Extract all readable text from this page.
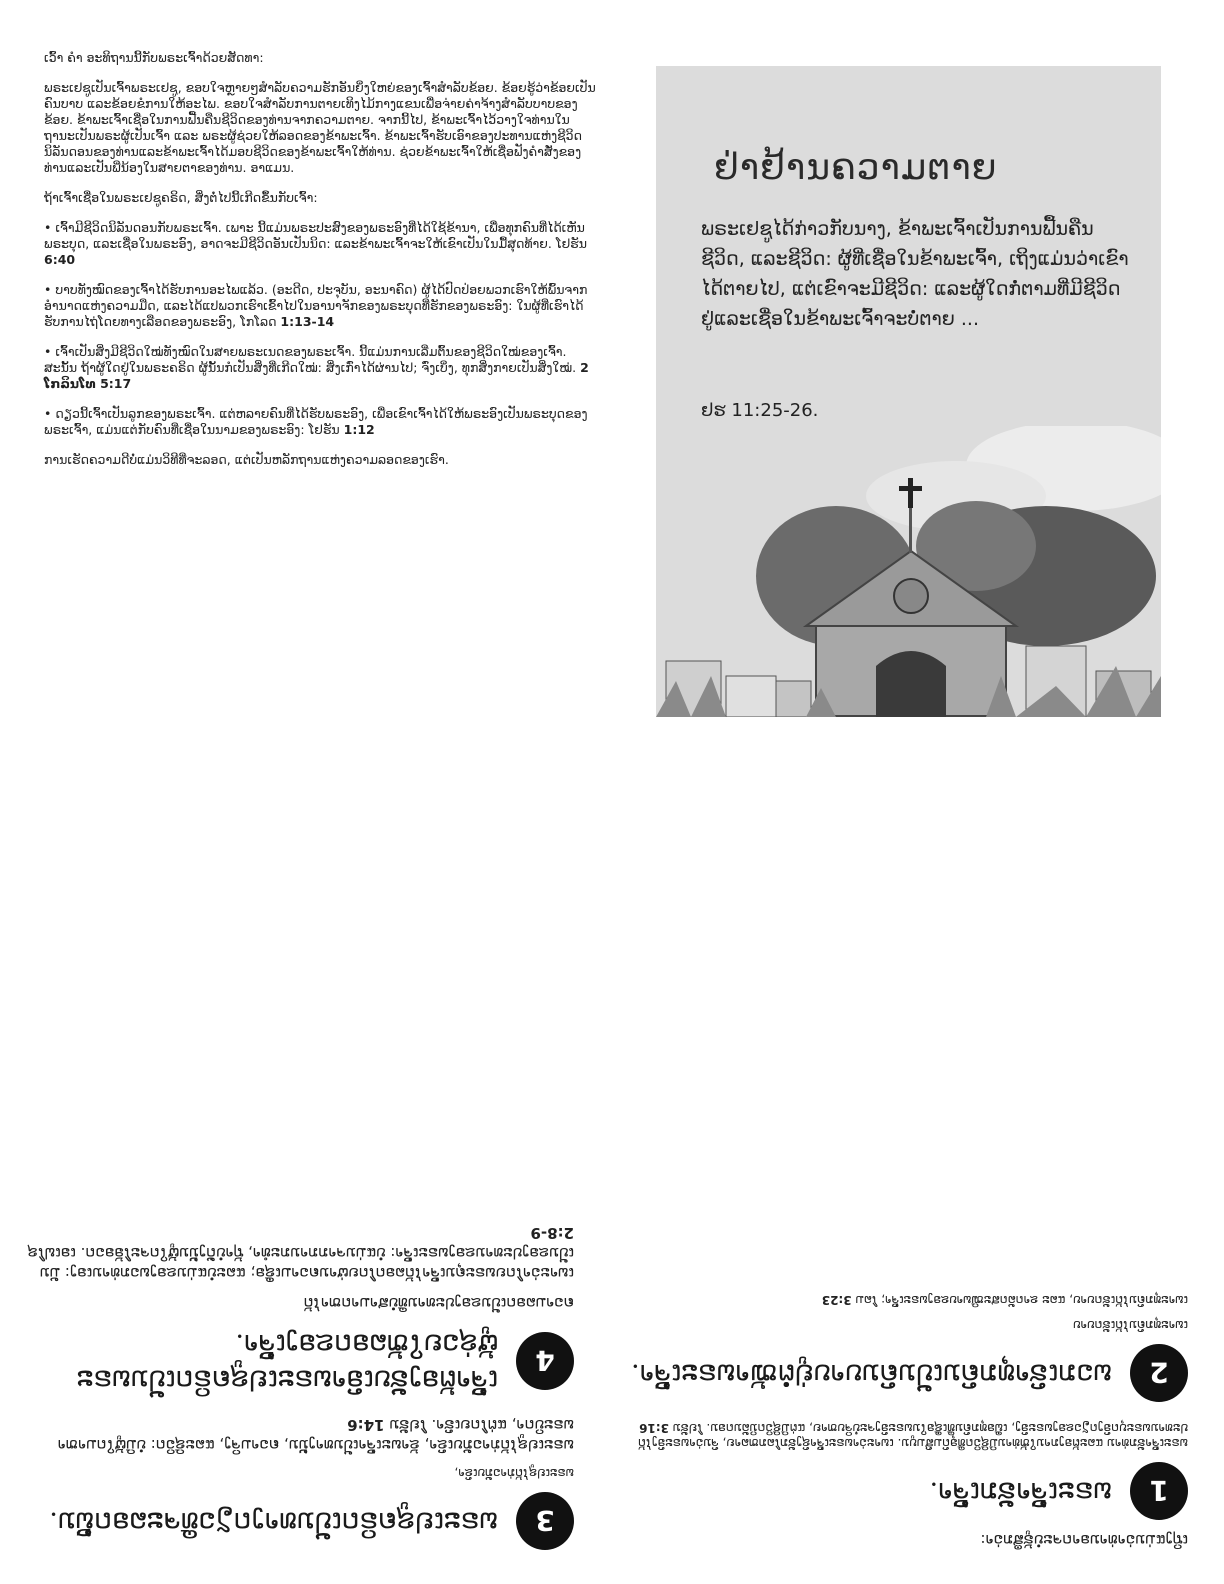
ເວົ້າ ຄຳ ອະທິຖານນີ້ກັບພຣະເຈົ້າດ້ວຍສັດທາ:

ພຣະເຢຊູເປັນເຈົ້າພຣະເຢຊູ, ຂອບໃຈຫຼາຍໆສຳລັບຄວາມຮັກອັນຍິ່ງໃຫຍ່ຂອງເຈົ້າສຳລັບຂ້ອຍ. ຂ້ອຍຮູ້ວ່າຂ້ອຍເປັນຄົນບາບ ແລະຂ້ອຍຂໍການໃຫ້ອະໄພ. ຂອບໃຈສຳລັບການຕາຍເທິງໄມ້ກາງແຂນເພື່ອຈ່າຍຄ່າຈ້າງສຳລັບບາບຂອງຂ້ອຍ. ຂ້າພະເຈົ້າເຊື່ອໃນການຟື້ນຄືນຊີວິດຂອງທ່ານຈາກຄວາມຕາຍ. ຈາກນີ້ໄປ, ຂ້າພະເຈົ້າໄວ້ວາງໃຈທ່ານໃນຖານະເປັນພຣະຜູ້ເປັນເຈົ້າ ແລະ ພຣະຜູ້ຊ່ວຍໃຫ້ລອດຂອງຂ້າພະເຈົ້າ. ຂ້າພະເຈົ້າຮັບເອົາຂອງປະທານແຫ່ງຊີວິດນິລັນດອນຂອງທ່ານແລະຂ້າພະເຈົ້າໄດ້ມອບຊີວິດຂອງຂ້າພະເຈົ້າໃຫ້ທ່ານ. ຊ່ວຍຂ້າພະເຈົ້າໃຫ້ເຊື່ອຟັງຄຳສັ່ງຂອງທ່ານແລະເປັນພີ່ນ້ອງໃນສາຍຕາຂອງທ່ານ. ອາແມນ.

ຖ້າເຈົ້າເຊື່ອໃນພຣະເຢຊູຄຣິດ, ສິ່ງຕໍ່ໄປນີ້ເກີດຂຶ້ນກັບເຈົ້າ:

• ເຈົ້າມີຊີວິດນິລັນດອນກັບພຣະເຈົ້າ. ເພາະ ນີ້ແມ່ນພຣະປະສົງຂອງພຣະອົງທີ່ໄດ້ໃຊ້ຂ້ານາ, ເພື່ອທຸກຄົນທີ່ໄດ້ເຫັນພຣະບຸດ, ແລະເຊື່ອໃນພຣະອົງ, ອາດຈະມີຊີວິດອັນເປັນນິດ: ແລະຂ້າພະເຈົ້າຈະໃຫ້ເຂົາເປັນໃນມື້ສຸດທ້າຍ. ໂຢຮັນ 6:40
• ບາບທັງໝົດຂອງເຈົ້າໄດ້ຮັບການອະໄພແລ້ວ. (ອະດີດ, ປະຈຸບັນ, ອະນາຄົດ) ຜູ້ໄດ້ປົດປ່ອຍພວກເຮົາໃຫ້ພົ້ນຈາກອຳນາດແຫ່ງຄວາມມືດ, ແລະໄດ້ແປພວກເຮົາເຂົ້າໄປໃນອານາຈັກຂອງພຣະບຸດທີ່ຮັກຂອງພຣະອົງ: ໃນຜູ້ທີ່ເຮົາໄດ້ຮັບການໄຖ່ໂດຍທາງເລືອດຂອງພຣະອົງ, ໂກໂລດ 1:13-14
• ເຈົ້າເປັນສິ່ງມີຊີວິດໃໝ່ທັງໝົດໃນສາຍພຣະເນດຂອງພຣະເຈົ້າ. ນີ້ແມ່ນການເລີ່ມຕົ້ນຂອງຊີວິດໃໝ່ຂອງເຈົ້າ. ສະນັ້ນ ຖ້າຜູ້ໃດຢູ່ໃນພຣະຄຣິດ ຜູ້ນັ້ນກໍເປັນສິ່ງທີ່ເກີດໃໝ່: ສິ່ງເກົ່າໄດ້ຜ່ານໄປ; ຈົ່ງເບິ່ງ, ທຸກສິ່ງກາຍເປັນສິ່ງໃໝ່. 2 ໂກລິນໂທ 5:17
• ດຽວນີ້ເຈົ້າເປັນລູກຂອງພຣະເຈົ້າ. ແຕ່ຫລາຍຄົນທີ່ໄດ້ຮັບພຣະອົງ, ເພື່ອເຂົາເຈົ້າໄດ້ໃຫ້ພຣະອົງເປັນພຣະບຸດຂອງພຣະເຈົ້າ, ແມ່ນແຕ່ກັບຄົນທີ່ເຊື່ອໃນນາມຂອງພຣະອົງ: ໂຢຮັນ 1:12

ການເຮັດຄວາມດີບໍ່ແມ່ນວິທີທີ່ຈະລອດ, ແຕ່ເປັນຫລັກຖານແຫ່ງຄວາມລອດຂອງເຮົາ.

ຢ່າຢ້ານຄວາມຕາຍ
ພຣະເຢຊູໄດ້ກ່າວກັບນາງ, ຂ້າພະເຈົ້າເປັນການຟື້ນຄືນຊີວິດ, ແລະຊີວິດ: ຜູ້ທີ່ເຊື່ອໃນຂ້າພະເຈົ້າ, ເຖິງແມ່ນວ່າເຂົາໄດ້ຕາຍໄປ, ແຕ່ເຂົາຈະມີຊີວິດ: ແລະຜູ້ໃດກໍ່ຕາມທີ່ມີຊີວິດຢູ່ແລະເຊື່ອໃນຂ້າພະເຈົ້າຈະບໍ່ຕາຍ ...
ຢຮ 11:25-26.
3
ພຣະເຢຊູຄຣິດເປັນທາງດຽວທີ່ຈະລອດພົ້ນ.

ພຣະເຢຊູໄດ້ກ່າວກັບເຂົາ,

ພຣະເຢຊູໄດ້ກ່າວກັບເຂົາ, ຂ້າພະເຈົ້າເປັນທາງນັ້ນ, ຄວາມຈິງ, ແລະຊີວິດ: ບໍ່ມີຜູ້ໃດມາຫາພຣະບິດາ, ແຕ່ໂດຍເຮົາ. ໂຢຮັນ 14:6

4
ເຈົ້າຕ້ອງຮັບເອົາພຣະເຢຊູຄຣິດເປັນພຣະຜູ້ຊ່ວຍໃຫ້ລອດຂອງເຈົ້າ.

ຄວາມລອດເປັນຂອງປະທານທີ່ບໍ່ສາມາດຫາໄດ້

ເພາະວ່າໂດຍພຣະຄຸນເຈົ້າໄດ້ລອດໂດຍຜ່ານຄວາມເຊື່ອ; ແລະບໍ່ແມ່ນຂອງພວກທ່ານເອງ: ມັນເປັນຂອງປະທານຂອງພຣະເຈົ້າ: ບໍ່ແມ່ນຈາກການກະທຳ, ຖ້າບໍ່ດັ່ງນັ້ນຜູ້ໃດຈະໂອ້ອວດ. ເອເຟໂຊ 2:8-9

ເຖິງແມ່ນວ່າທ່ານອາດຈະບໍ່ຮູ້ສຶກວ່າ:

1
ພຣະເຈົ້າຮັກເຈົ້າ.

ພຣະເຈົ້າຮັກທ່ານ ແລະຕ້ອງການໃຫ້ທ່ານມີຊີວິດທີ່ອຸດົມສົມບູນ. ເພາະວ່າພຣະເຈົ້າຊົງຮັກໂລກຫລາຍ, ຈົນວ່າພຣະອົງໄດ້ປະທານພຣະບຸດອົງດຽວຂອງພຣະອົງ, ເພື່ອທຸກຄົນທີ່ເຊື່ອໃນພຣະອົງຈະບໍ່ຈິບຫາຍ, ແຕ່ມີຊີວິດນິລັນດອນ. ໂຢຮັນ 3:16

2
ພວກ​ເຮົາ​ທຸກ​ຄົນ​ເປັນ​ຄົນ​ບາບ​ຢູ່​ຕໍ່​ໜ້າ​ພຣະ​ເຈົ້າ.

ເພາະ​ທຸກ​ຄົນ​ໄດ້​ເຮັດ​ບາບ

ເພາະທຸກຄົນໄດ້ເຮັດບາບ, ແລະ ຂາດລັດສະໝີພາບຂອງພຣະເຈົ້າ; ໂລມ 3:23
